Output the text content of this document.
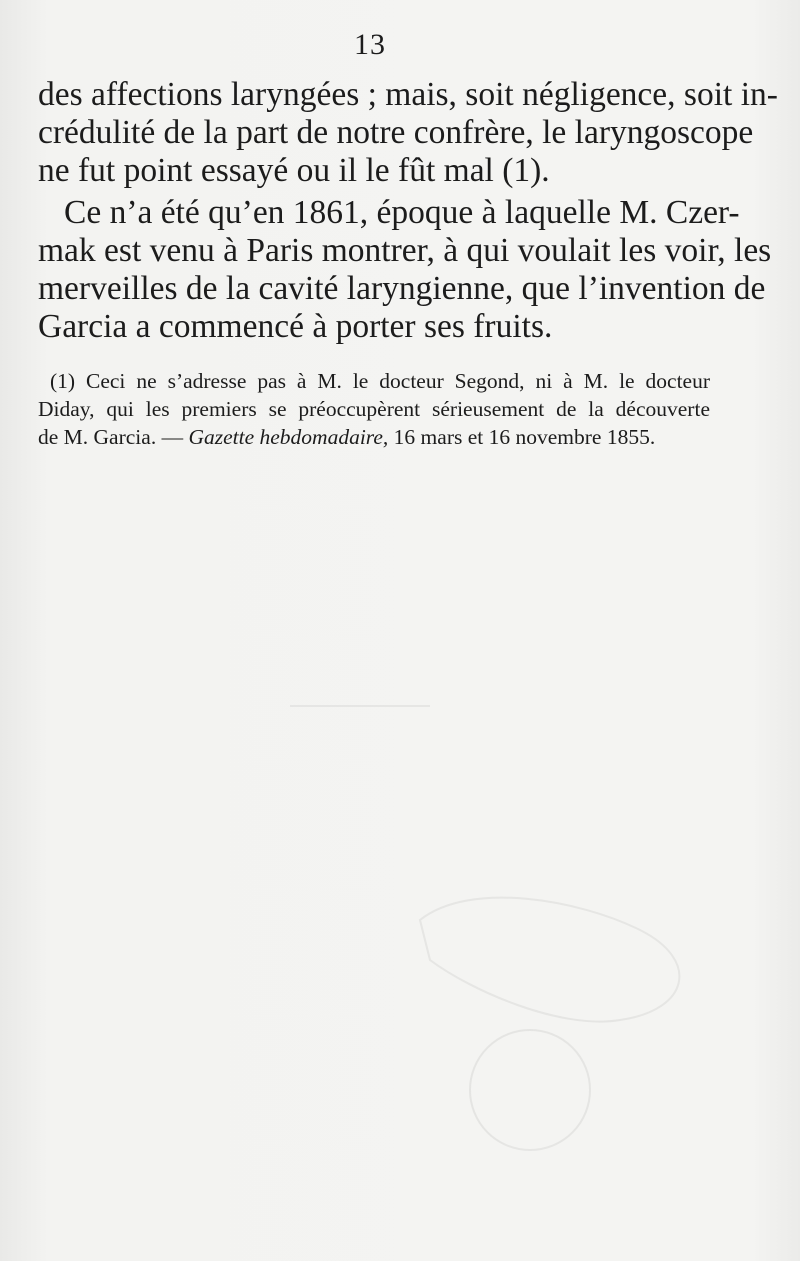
13
des affections laryngées ; mais, soit négligence, soit in-
crédulité de la part de notre confrère, le laryngoscope
ne fut point essayé ou il le fût mal (1).
Ce n’a été qu’en 1861, époque à laquelle M. Czer-
mak est venu à Paris montrer, à qui voulait les voir, les
merveilles de la cavité laryngienne, que l’invention de
Garcia a commencé à porter ses fruits.
(1) Ceci ne s’adresse pas à M. le docteur Segond, ni à M. le docteur
Diday, qui les premiers se préoccupèrent sérieusement de la découverte
de M. Garcia. — Gazette hebdomadaire, 16 mars et 16 novembre 1855.
